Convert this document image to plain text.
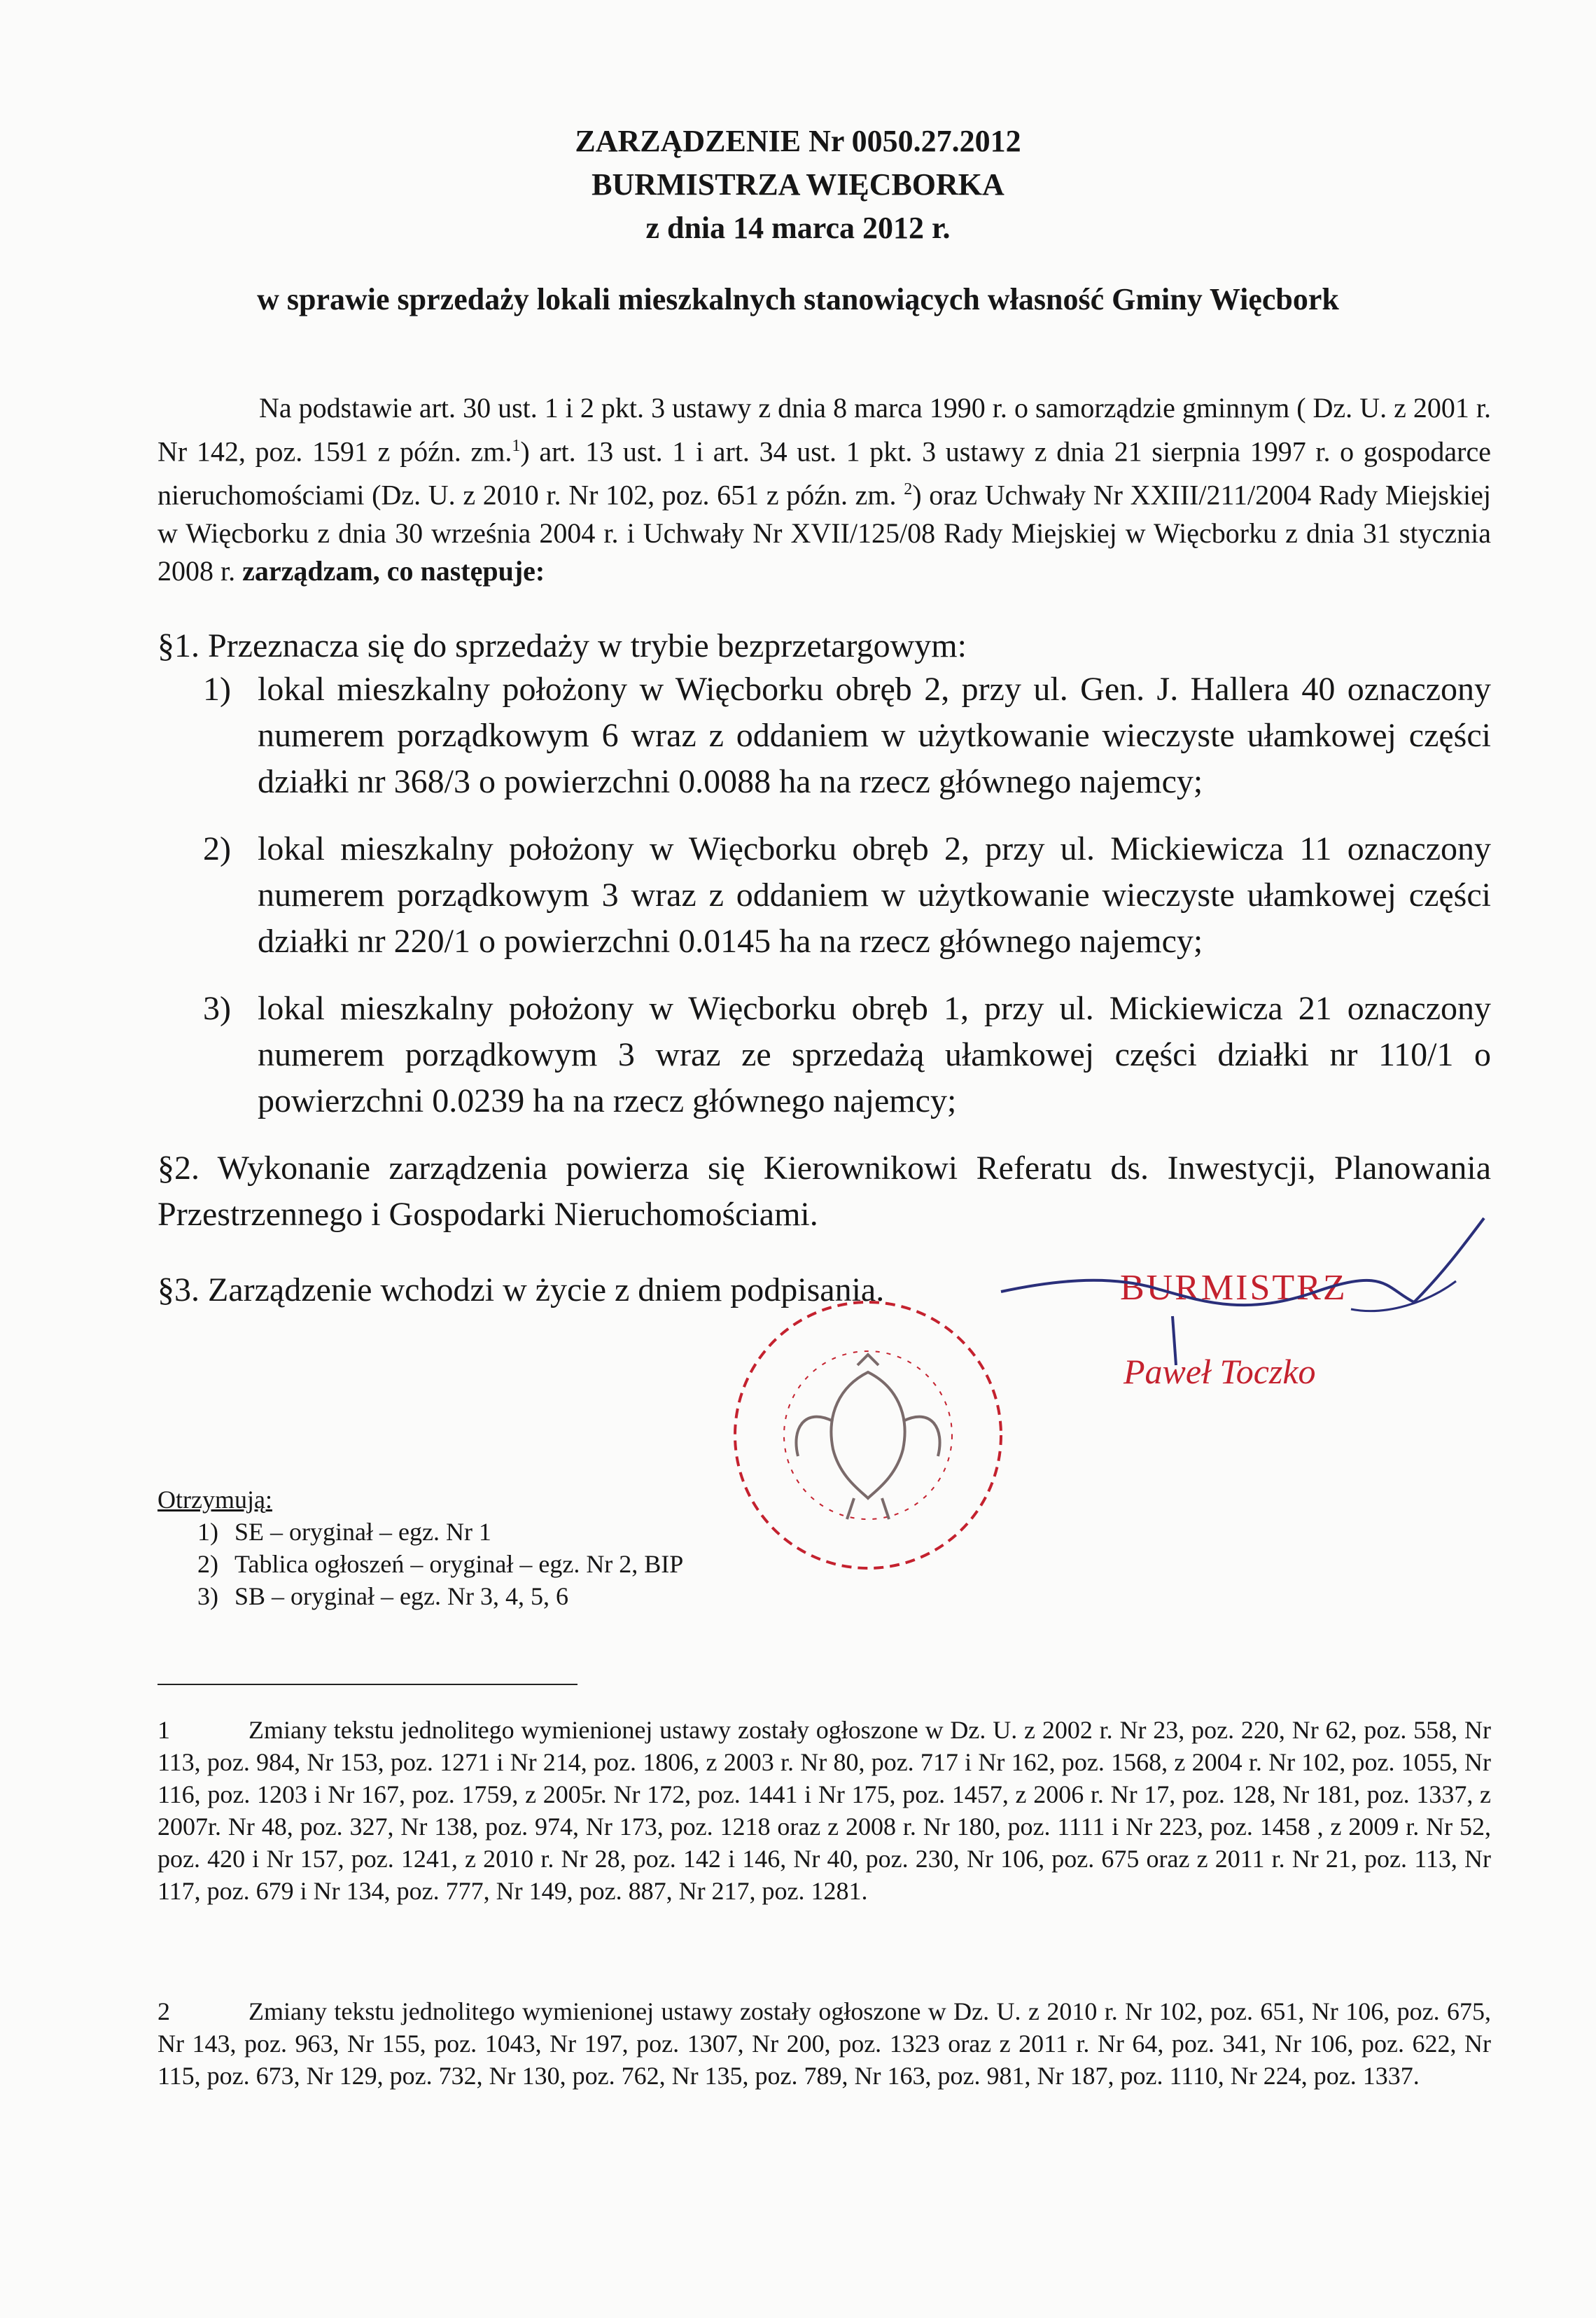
ZARZĄDZENIE Nr 0050.27.2012
BURMISTRZA WIĘCBORKA
z dnia 14 marca 2012 r.
w sprawie sprzedaży lokali mieszkalnych stanowiących własność Gminy Więcbork

Na podstawie art. 30 ust. 1 i 2 pkt. 3 ustawy z dnia 8 marca 1990 r. o samorządzie gminnym ( Dz. U. z 2001 r. Nr 142, poz. 1591 z późn. zm.$^1$) art. 13 ust. 1 i art. 34 ust. 1 pkt. 3 ustawy z dnia 21 sierpnia 1997 r. o gospodarce nieruchomościami (Dz. U. z 2010 r. Nr 102, poz. 651 z późn. zm. $^2$) oraz Uchwały Nr XXIII/211/2004 Rady Miejskiej w Więcborku z dnia 30 września 2004 r. i Uchwały Nr XVII/125/08 Rady Miejskiej w Więcborku z dnia 31 stycznia 2008 r. zarządzam, co następuje:

§1. Przeznacza się do sprzedaży w trybie bezprzetargowym:
1) lokal mieszkalny położony w Więcborku obręb 2, przy ul. Gen. J. Hallera 40 oznaczony numerem porządkowym 6 wraz z oddaniem w użytkowanie wieczyste ułamkowej części działki nr 368/3 o powierzchni 0.0088 ha na rzecz głównego najemcy;
2) lokal mieszkalny położony w Więcborku obręb 2, przy ul. Mickiewicza 11 oznaczony numerem porządkowym 3 wraz z oddaniem w użytkowanie wieczyste ułamkowej części działki nr 220/1 o powierzchni 0.0145 ha na rzecz głównego najemcy;
3) lokal mieszkalny położony w Więcborku obręb 1, przy ul. Mickiewicza 21 oznaczony numerem porządkowym 3 wraz ze sprzedażą ułamkowej części działki nr 110/1 o powierzchni 0.0239 ha na rzecz głównego najemcy;
§2. Wykonanie zarządzenia powierza się Kierownikowi Referatu ds. Inwestycji, Planowania Przestrzennego i Gospodarki Nieruchomościami.
§3. Zarządzenie wchodzi w życie z dniem podpisania.	BURMISTRZ
Paweł Toczko
Otrzymują:
1) SE – oryginał – egz. Nr 1
2) Tablica ogłoszeń – oryginał – egz. Nr 2, BIP
3) SB – oryginał – egz. Nr 3, 4, 5, 6

1	Zmiany tekstu jednolitego wymienionej ustawy zostały ogłoszone w Dz. U. z 2002 r. Nr 23, poz. 220, Nr 62, poz. 558, Nr 113, poz. 984, Nr 153, poz. 1271 i Nr 214, poz. 1806, z 2003 r. Nr 80, poz. 717 i Nr 162, poz. 1568, z 2004 r. Nr 102, poz. 1055, Nr 116, poz. 1203 i Nr 167, poz. 1759, z 2005r. Nr 172, poz. 1441 i Nr 175, poz. 1457, z 2006 r. Nr 17, poz. 128, Nr 181, poz. 1337, z 2007r. Nr 48, poz. 327, Nr 138, poz. 974, Nr 173, poz. 1218 oraz z 2008 r. Nr 180, poz. 1111 i Nr 223, poz. 1458 , z 2009 r. Nr 52, poz. 420 i Nr 157, poz. 1241, z 2010 r. Nr 28, poz. 142 i 146, Nr 40, poz. 230, Nr 106, poz. 675 oraz z 2011 r. Nr 21, poz. 113, Nr 117, poz. 679 i Nr 134, poz. 777, Nr 149, poz. 887, Nr 217, poz. 1281.

2	Zmiany tekstu jednolitego wymienionej ustawy zostały ogłoszone w Dz. U. z 2010 r. Nr 102, poz. 651, Nr 106, poz. 675, Nr 143, poz. 963, Nr 155, poz. 1043, Nr 197, poz. 1307, Nr 200, poz. 1323 oraz z 2011 r. Nr 64, poz. 341, Nr 106, poz. 622, Nr 115, poz. 673, Nr 129, poz. 732, Nr 130, poz. 762, Nr 135, poz. 789, Nr 163, poz. 981, Nr 187, poz. 1110, Nr 224, poz. 1337.
